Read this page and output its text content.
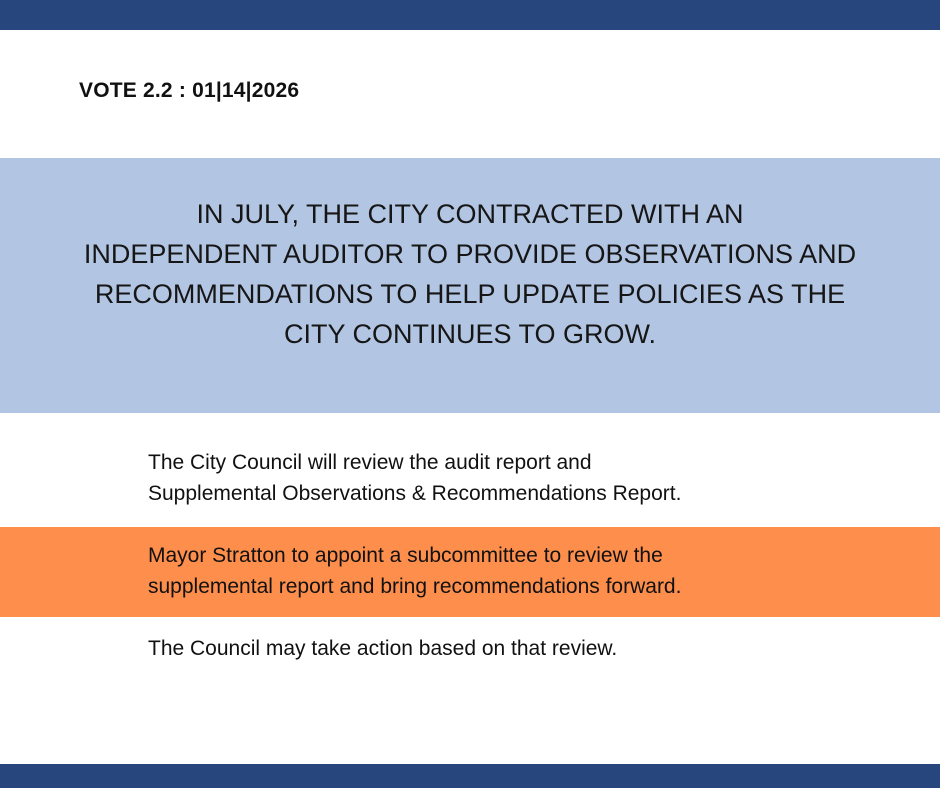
VOTE 2.2 : 01|14|2026
IN JULY, THE CITY CONTRACTED WITH AN
INDEPENDENT AUDITOR TO PROVIDE OBSERVATIONS AND
RECOMMENDATIONS TO HELP UPDATE POLICIES AS THE
CITY CONTINUES TO GROW.
The City Council will review the audit report and
Supplemental Observations & Recommendations Report.
Mayor Stratton to appoint a subcommittee to review the
supplemental report and bring recommendations forward.
The Council may take action based on that review.
